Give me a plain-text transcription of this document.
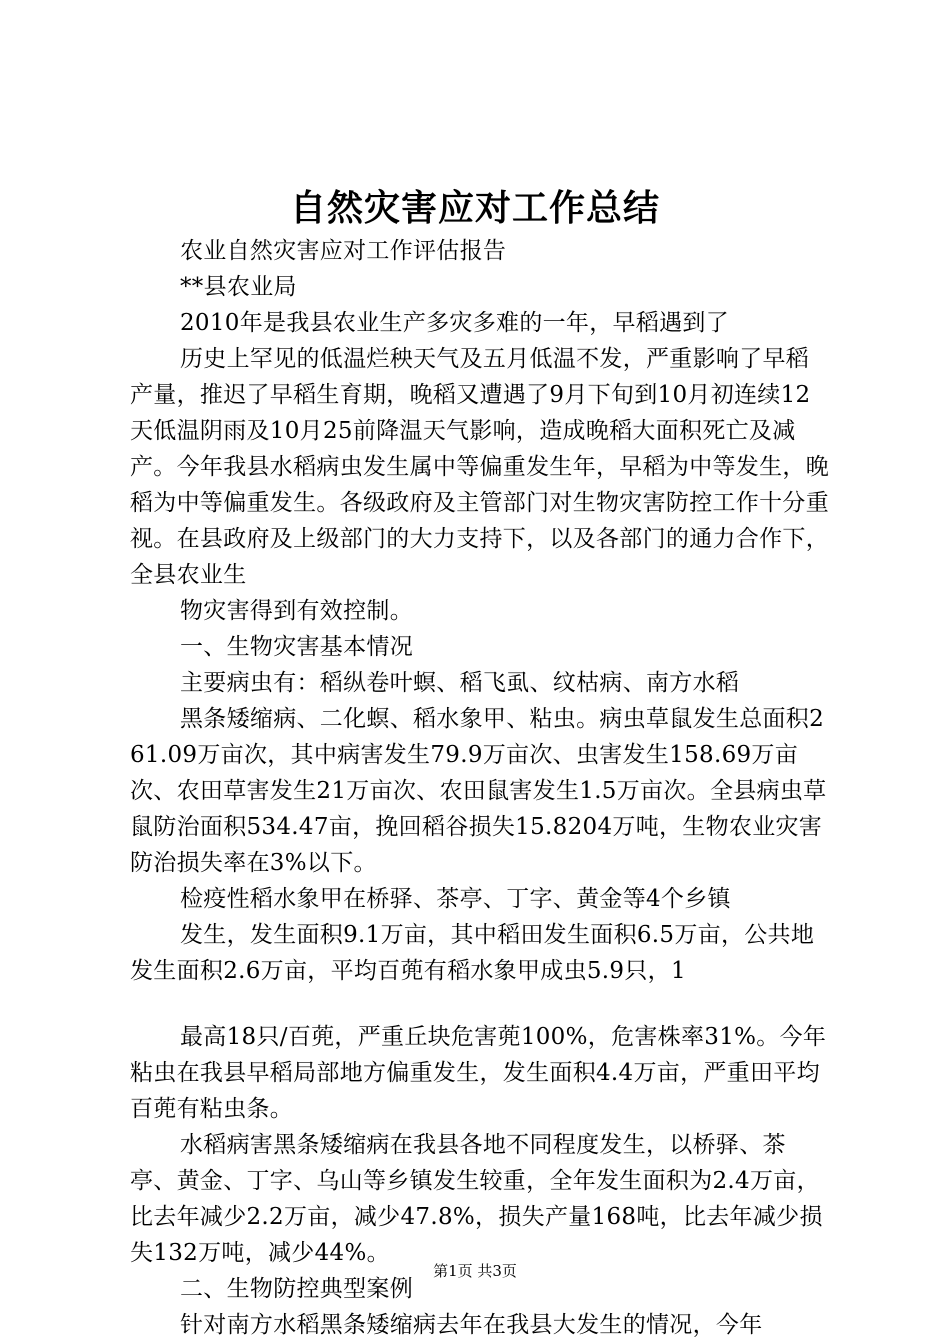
自然灾害应对工作总结

农业自然灾害应对工作评估报告

**县农业局

2010年是我县农业生产多灾多难的一年，早稻遇到了

历史上罕见的低温烂秧天气及五月低温不发，严重影响了早稻产量，推迟了早稻生育期，晚稻又遭遇了9月下旬到10月初连续12天低温阴雨及10月25前降温天气影响，造成晚稻大面积死亡及减产。今年我县水稻病虫发生属中等偏重发生年，早稻为中等发生，晚稻为中等偏重发生。各级政府及主管部门对生物灾害防控工作十分重视。在县政府及上级部门的大力支持下，以及各部门的通力合作下，全县农业生

物灾害得到有效控制。

一、生物灾害基本情况

主要病虫有：稻纵卷叶螟、稻飞虱、纹枯病、南方水稻

黑条矮缩病、二化螟、稻水象甲、粘虫。病虫草鼠发生总面积261.09万亩次，其中病害发生79.9万亩次、虫害发生158.69万亩次、农田草害发生21万亩次、农田鼠害发生1.5万亩次。全县病虫草鼠防治面积534.47亩，挽回稻谷损失15.8204万吨，生物农业灾害防治损失率在3%以下。

检疫性稻水象甲在桥驿、茶亭、丁字、黄金等4个乡镇

发生，发生面积9.1万亩，其中稻田发生面积6.5万亩，公共地发生面积2.6万亩，平均百蔸有稻水象甲成虫5.9只，1

最高18只/百蔸，严重丘块危害蔸100%，危害株率31%。今年粘虫在我县早稻局部地方偏重发生，发生面积4.4万亩，严重田平均百蔸有粘虫条。

水稻病害黑条矮缩病在我县各地不同程度发生，以桥驿、茶亭、黄金、丁字、乌山等乡镇发生较重，全年发生面积为2.4万亩，比去年减少2.2万亩，减少47.8%，损失产量168吨，比去年减少损失132万吨，减少44%。

二、生物防控典型案例

针对南方水稻黑条矮缩病去年在我县大发生的情况，今年

第1页 共3页
